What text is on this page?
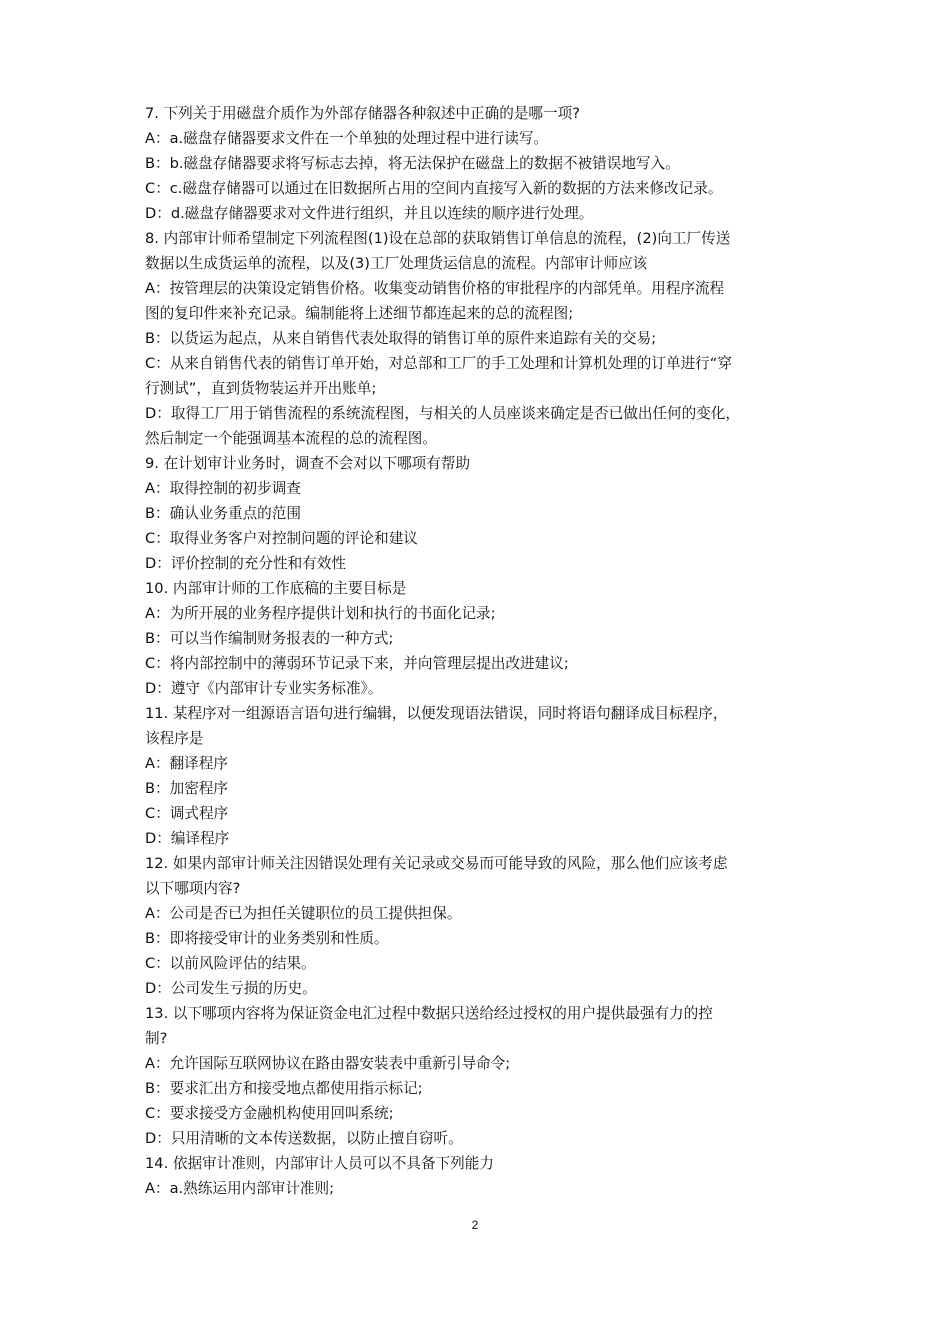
7. 下列关于用磁盘介质作为外部存储器各种叙述中正确的是哪一项?
A：a.磁盘存储器要求文件在一个单独的处理过程中进行读写。
B：b.磁盘存储器要求将写标志去掉，将无法保护在磁盘上的数据不被错误地写入。
C：c.磁盘存储器可以通过在旧数据所占用的空间内直接写入新的数据的方法来修改记录。
D：d.磁盘存储器要求对文件进行组织，并且以连续的顺序进行处理。
8. 内部审计师希望制定下列流程图(1)设在总部的获取销售订单信息的流程，(2)向工厂传送
数据以生成货运单的流程，以及(3)工厂处理货运信息的流程。内部审计师应该
A：按管理层的决策设定销售价格。收集变动销售价格的审批程序的内部凭单。用程序流程
图的复印件来补充记录。编制能将上述细节都连起来的总的流程图;
B：以货运为起点，从来自销售代表处取得的销售订单的原件来追踪有关的交易;
C：从来自销售代表的销售订单开始，对总部和工厂的手工处理和计算机处理的订单进行“穿
行测试”，直到货物装运并开出账单;
D：取得工厂用于销售流程的系统流程图，与相关的人员座谈来确定是否已做出任何的变化，
然后制定一个能强调基本流程的总的流程图。
9. 在计划审计业务时，调查不会对以下哪项有帮助
A：取得控制的初步调查
B：确认业务重点的范围
C：取得业务客户对控制问题的评论和建议
D：评价控制的充分性和有效性
10. 内部审计师的工作底稿的主要目标是
A：为所开展的业务程序提供计划和执行的书面化记录;
B：可以当作编制财务报表的一种方式;
C：将内部控制中的薄弱环节记录下来，并向管理层提出改进建议;
D：遵守《内部审计专业实务标准》。
11. 某程序对一组源语言语句进行编辑，以便发现语法错误，同时将语句翻译成目标程序，
该程序是
A：翻译程序
B：加密程序
C：调式程序
D：编译程序
12. 如果内部审计师关注因错误处理有关记录或交易而可能导致的风险，那么他们应该考虑
以下哪项内容?
A：公司是否已为担任关键职位的员工提供担保。
B：即将接受审计的业务类别和性质。
C：以前风险评估的结果。
D：公司发生亏损的历史。
13. 以下哪项内容将为保证资金电汇过程中数据只送给经过授权的用户提供最强有力的控
制?
A：允许国际互联网协议在路由器安装表中重新引导命令;
B：要求汇出方和接受地点都使用指示标记;
C：要求接受方金融机构使用回叫系统;
D：只用清晰的文本传送数据，以防止擅自窃听。
14. 依据审计准则，内部审计人员可以不具备下列能力
A：a.熟练运用内部审计准则;
2
